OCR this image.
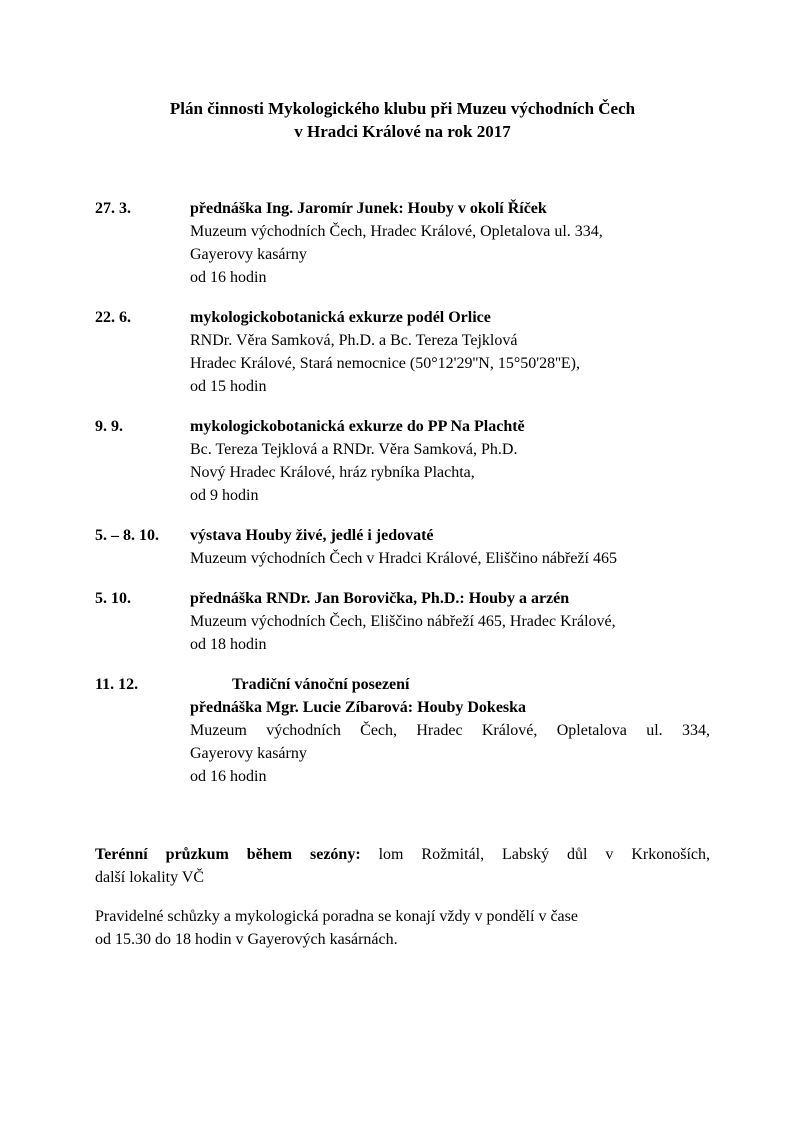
Plán činnosti Mykologického klubu při Muzeu východních Čech
v Hradci Králové na rok 2017
27. 3.	přednáška Ing. Jaromír Junek: Houby v okolí Říček
Muzeum východních Čech, Hradec Králové, Opletalova ul. 334,
Gayerovy kasárny
od 16 hodin
22. 6.	mykologickobotanická exkurze podél Orlice
RNDr. Věra Samková, Ph.D. a Bc. Tereza Tejklová
Hradec Králové, Stará nemocnice (50°12'29''N, 15°50'28''E),
od 15 hodin
9. 9.	mykologickobotanická exkurze do PP Na Plachtě
Bc. Tereza Tejklová a RNDr. Věra Samková, Ph.D.
Nový Hradec Králové, hráz rybníka Plachta,
od 9 hodin
5. – 8. 10.	výstava Houby živé, jedlé i jedovaté
Muzeum východních Čech v Hradci Králové, Eliščino nábřeží 465
5. 10.	přednáška RNDr. Jan Borovička, Ph.D.: Houby a arzén
Muzeum východních Čech, Eliščino nábřeží 465, Hradec Králové,
od 18 hodin
11. 12.	Tradiční vánoční posezení
přednáška Mgr. Lucie Zíbarová: Houby Dokeska
Muzeum východních Čech, Hradec Králové, Opletalova ul. 334,
Gayerovy kasárny
od 16 hodin
Terénní průzkum během sezóny: lom Rožmitál, Labský důl v Krkonoších,
další lokality VČ
Pravidelné schůzky a mykologická poradna se konají vždy v pondělí v čase
od 15.30 do 18 hodin v Gayerových kasárnách.
